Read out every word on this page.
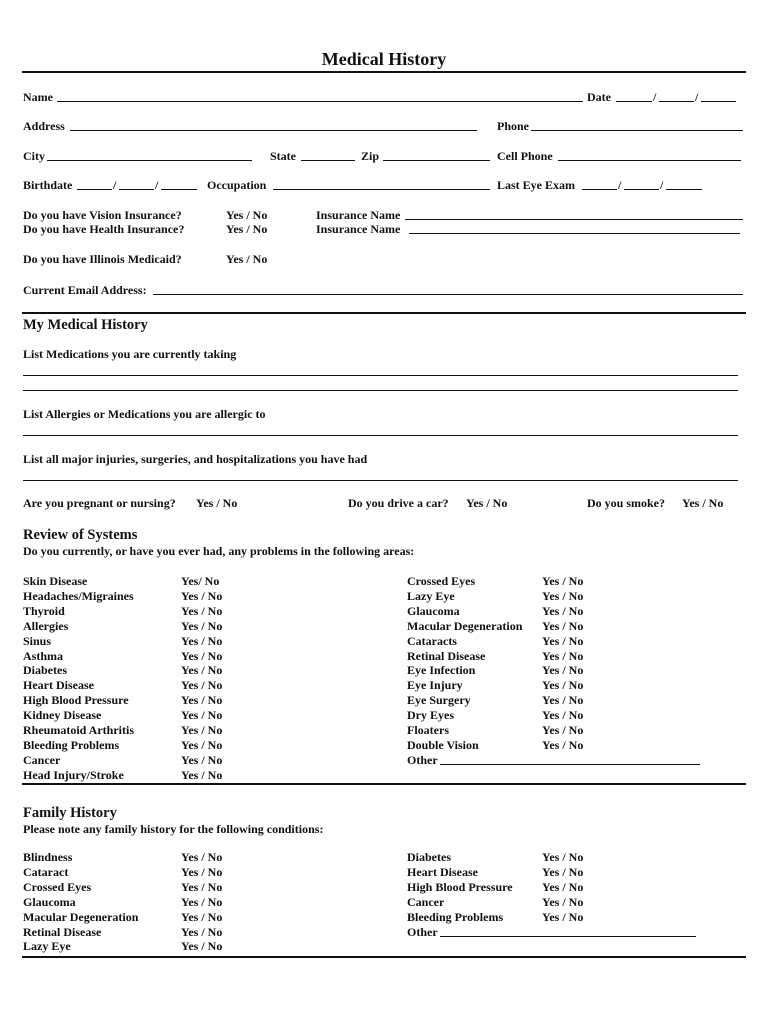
Medical History
Name	Date	/	/
Address	Phone
City	State	Zip	Cell Phone
Birthdate	/	/	Occupation	Last Eye Exam	/	/
Do you have Vision Insurance?	Yes / No	Insurance Name
Do you have Health Insurance?	Yes / No	Insurance Name
Do you have Illinois Medicaid?	Yes / No
Current Email Address:
My Medical History
List Medications you are currently taking
List Allergies or Medications you are allergic to
List all major injuries, surgeries, and hospitalizations you have had
Are you pregnant or nursing? Yes / No	Do you drive a car? Yes / No	Do you smoke? Yes / No
Review of Systems
Do you currently, or have you ever had, any problems in the following areas:
Skin Disease	Yes/ No
Headaches/Migraines	Yes / No
Thyroid	Yes / No
Allergies	Yes / No
Sinus	Yes / No
Asthma	Yes / No
Diabetes	Yes / No
Heart Disease	Yes / No
High Blood Pressure	Yes / No
Kidney Disease	Yes / No
Rheumatoid Arthritis	Yes / No
Bleeding Problems	Yes / No
Cancer	Yes / No
Head Injury/Stroke	Yes / No
Crossed Eyes	Yes / No
Lazy Eye	Yes / No
Glaucoma	Yes / No
Macular Degeneration Yes / No
Cataracts	Yes / No
Retinal Disease	Yes / No
Eye Infection	Yes / No
Eye Injury	Yes / No
Eye Surgery	Yes / No
Dry Eyes	Yes / No
Floaters	Yes / No
Double Vision	Yes / No
Other
Family History
Please note any family history for the following conditions:
Blindness	Yes / No
Cataract	Yes / No
Crossed Eyes	Yes / No
Glaucoma	Yes / No
Macular Degeneration	Yes / No
Retinal Disease	Yes / No
Lazy Eye	Yes / No
Diabetes	Yes / No
Heart Disease	Yes / No
High Blood Pressure Yes / No
Cancer	Yes / No
Bleeding Problems	Yes / No
Other
